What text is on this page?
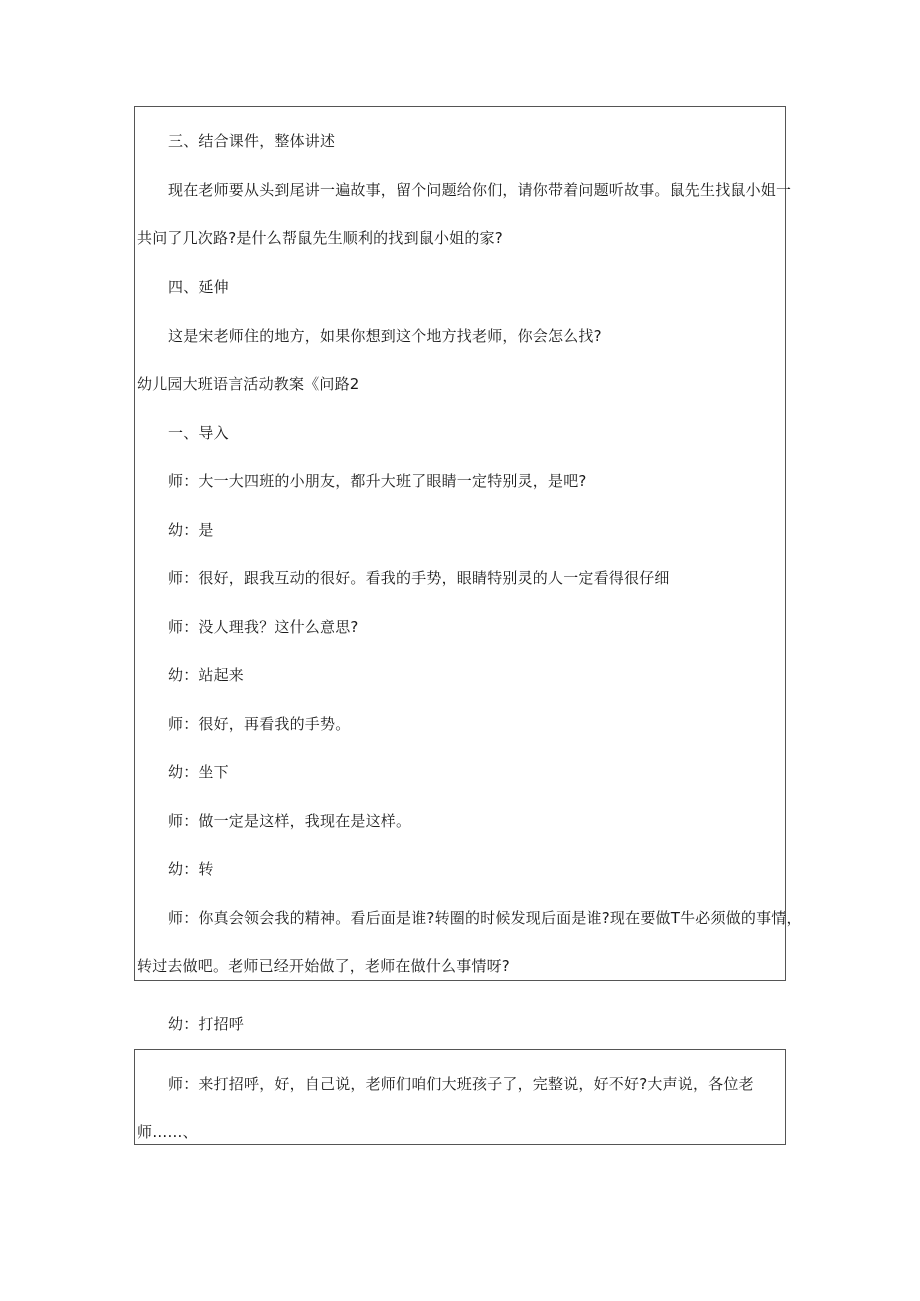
三、结合课件，整体讲述
现在老师要从头到尾讲一遍故事，留个问题给你们，请你带着问题听故事。鼠先生找鼠小姐一
共问了几次路?是什么帮鼠先生顺利的找到鼠小姐的家?
四、延伸
这是宋老师住的地方，如果你想到这个地方找老师，你会怎么找?
幼儿园大班语言活动教案《问路2
一、导入
师：大一大四班的小朋友，都升大班了眼睛一定特别灵，是吧?
幼：是
师：很好，跟我互动的很好。看我的手势，眼睛特别灵的人一定看得很仔细
师：没人理我？这什么意思?
幼：站起来
师：很好，再看我的手势。
幼：坐下
师：做一定是这样，我现在是这样。
幼：转
师：你真会领会我的精神。看后面是谁?转圈的时候发现后面是谁?现在要做T牛必须做的事情，
转过去做吧。老师已经开始做了，老师在做什么事情呀?
幼：打招呼
师：来打招呼，好，自己说，老师们咱们大班孩子了，完整说，好不好?大声说，各位老
师……、
